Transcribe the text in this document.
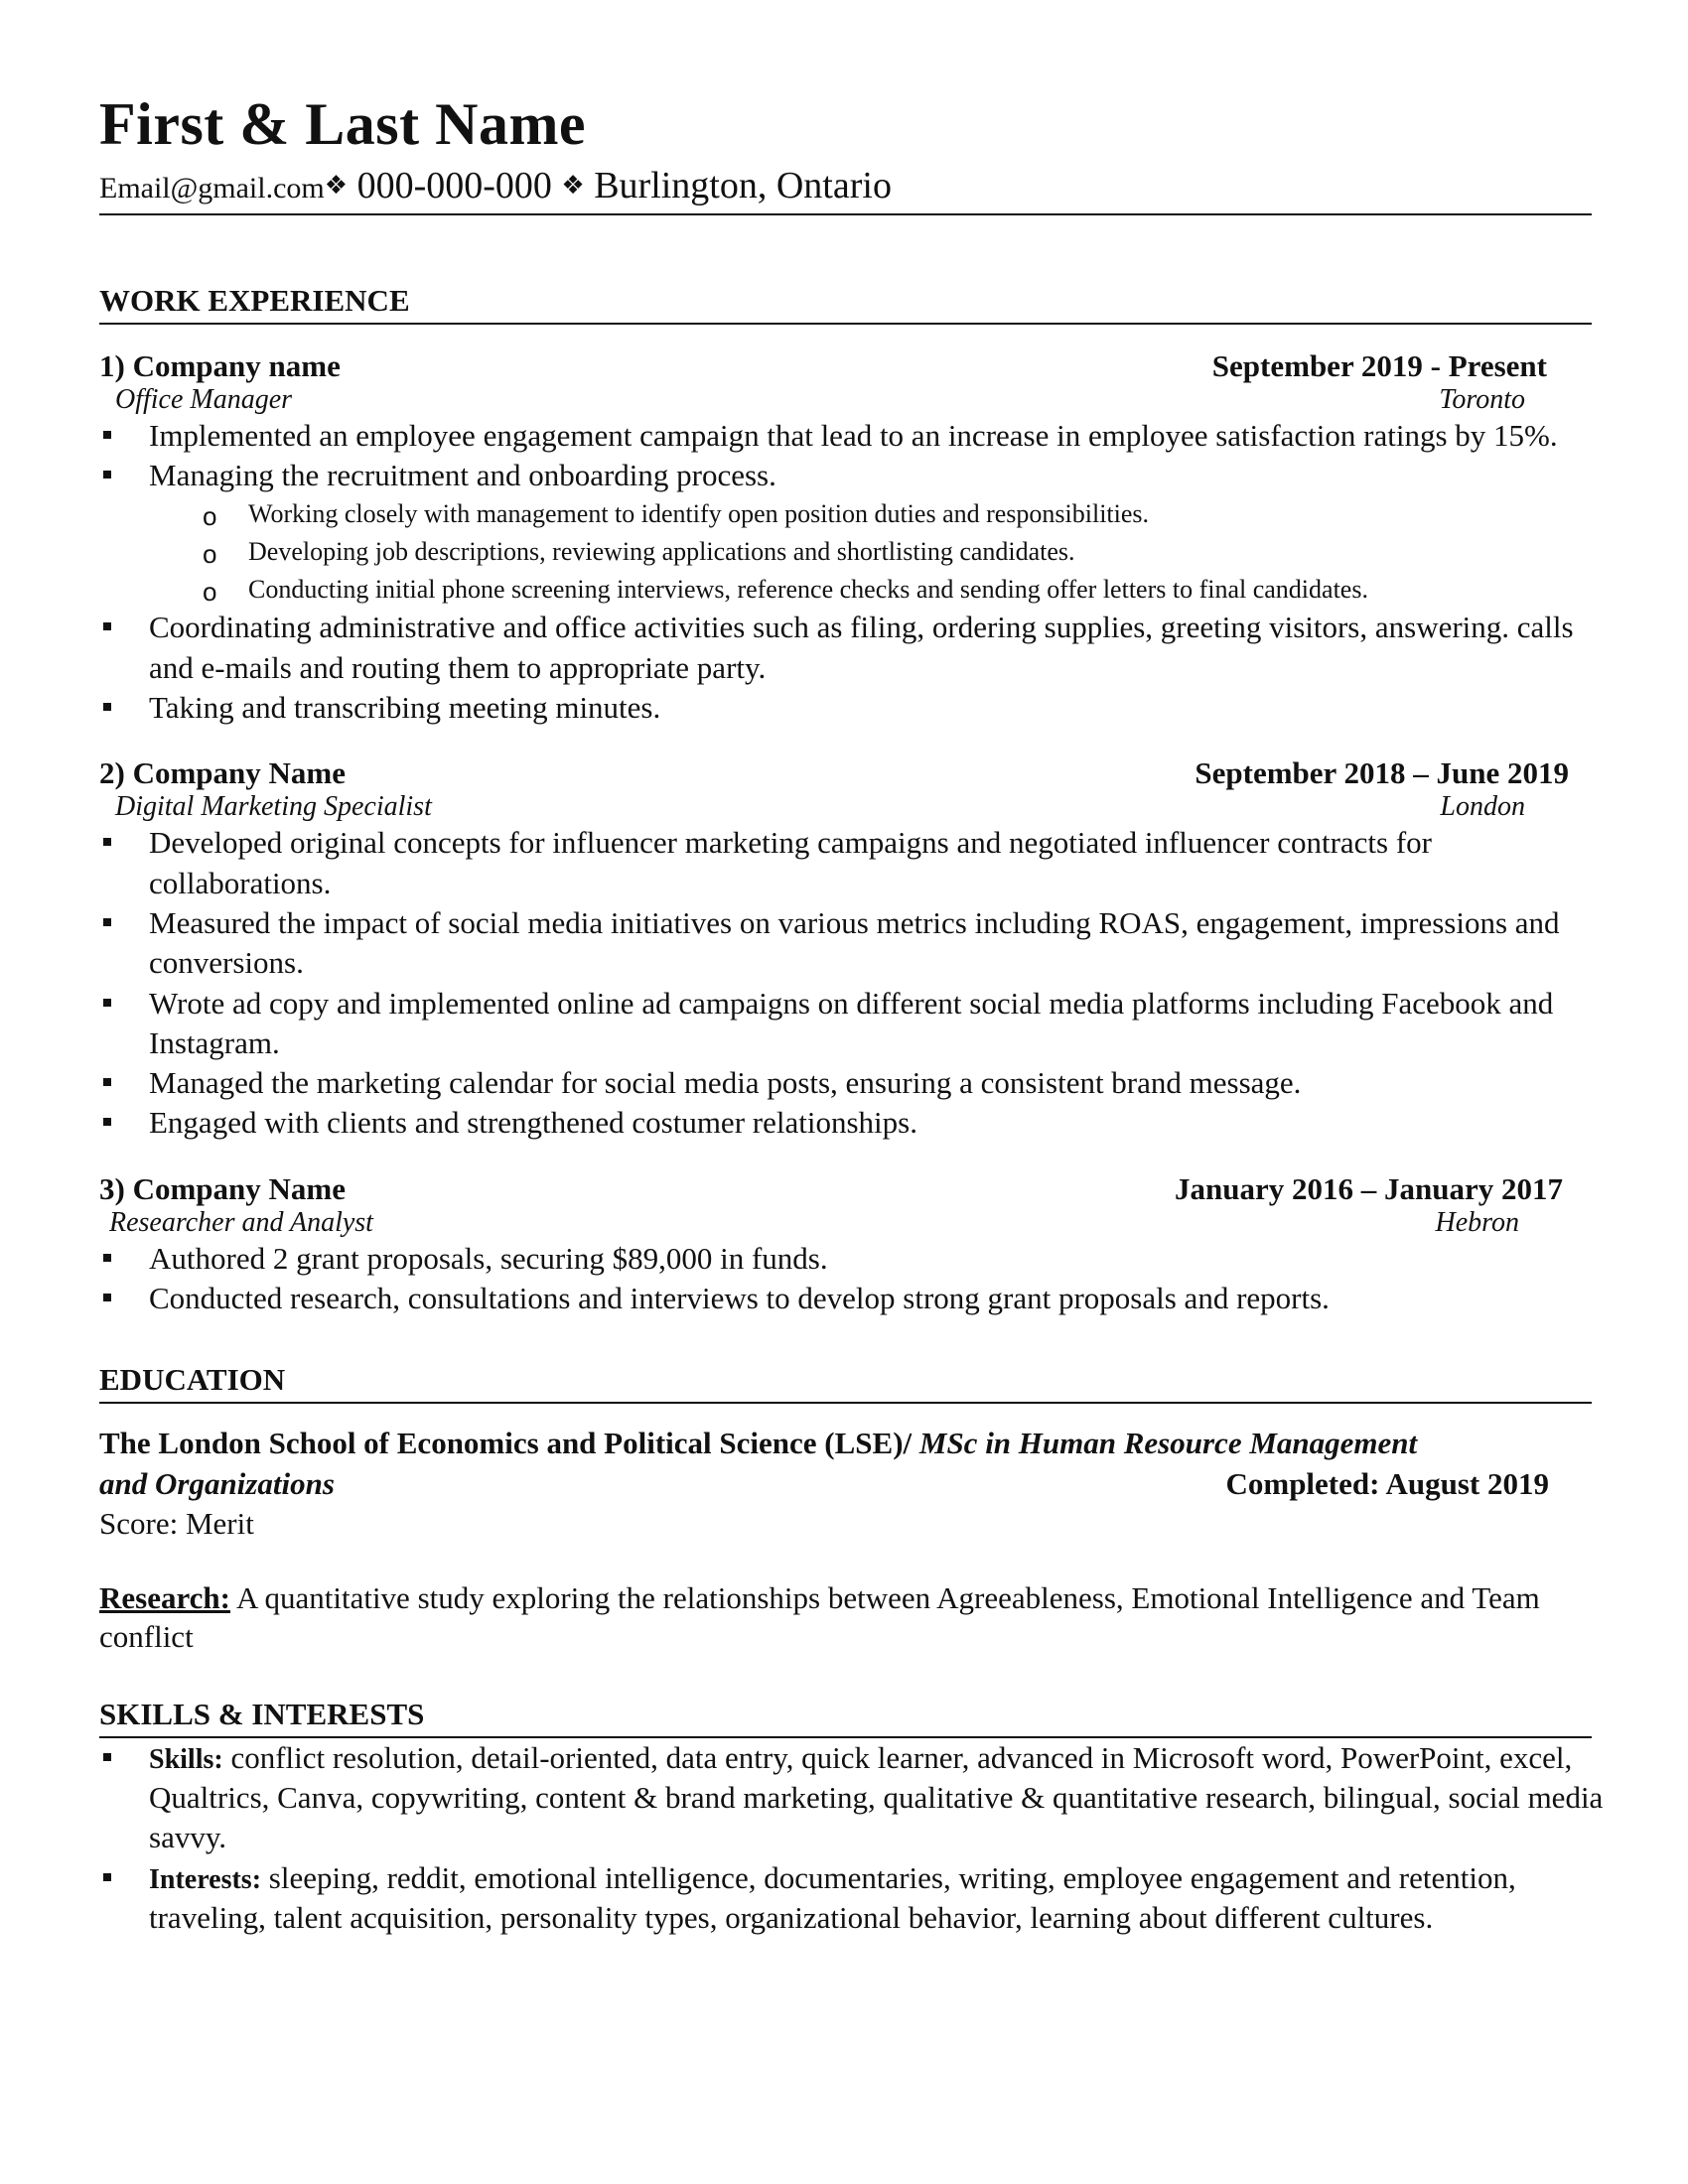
First & Last Name
Email@gmail.com❖ 000-000-000 ❖ Burlington, Ontario
WORK EXPERIENCE
1) Company name	September 2019 - Present
Office Manager	Toronto
Implemented an employee engagement campaign that lead to an increase in employee satisfaction ratings by 15%.
Managing the recruitment and onboarding process.
o Working closely with management to identify open position duties and responsibilities.
o Developing job descriptions, reviewing applications and shortlisting candidates.
o Conducting initial phone screening interviews, reference checks and sending offer letters to final candidates.
Coordinating administrative and office activities such as filing, ordering supplies, greeting visitors, answering. calls and e-mails and routing them to appropriate party.
Taking and transcribing meeting minutes.
2) Company Name	September 2018 – June 2019
Digital Marketing Specialist	London
Developed original concepts for influencer marketing campaigns and negotiated influencer contracts for collaborations.
Measured the impact of social media initiatives on various metrics including ROAS, engagement, impressions and conversions.
Wrote ad copy and implemented online ad campaigns on different social media platforms including Facebook and Instagram.
Managed the marketing calendar for social media posts, ensuring a consistent brand message.
Engaged with clients and strengthened costumer relationships.
3) Company Name	January 2016 – January 2017
Researcher and Analyst	Hebron
Authored 2 grant proposals, securing $89,000 in funds.
Conducted research, consultations and interviews to develop strong grant proposals and reports.
EDUCATION
The London School of Economics and Political Science (LSE)/ MSc in Human Resource Management
and Organizations	Completed: August 2019
Score: Merit
Research: A quantitative study exploring the relationships between Agreeableness, Emotional Intelligence and Team conflict
SKILLS & INTERESTS
Skills: conflict resolution, detail-oriented, data entry, quick learner, advanced in Microsoft word, PowerPoint, excel, Qualtrics, Canva, copywriting, content & brand marketing, qualitative & quantitative research, bilingual, social media savvy.
Interests: sleeping, reddit, emotional intelligence, documentaries, writing, employee engagement and retention, traveling, talent acquisition, personality types, organizational behavior, learning about different cultures.
